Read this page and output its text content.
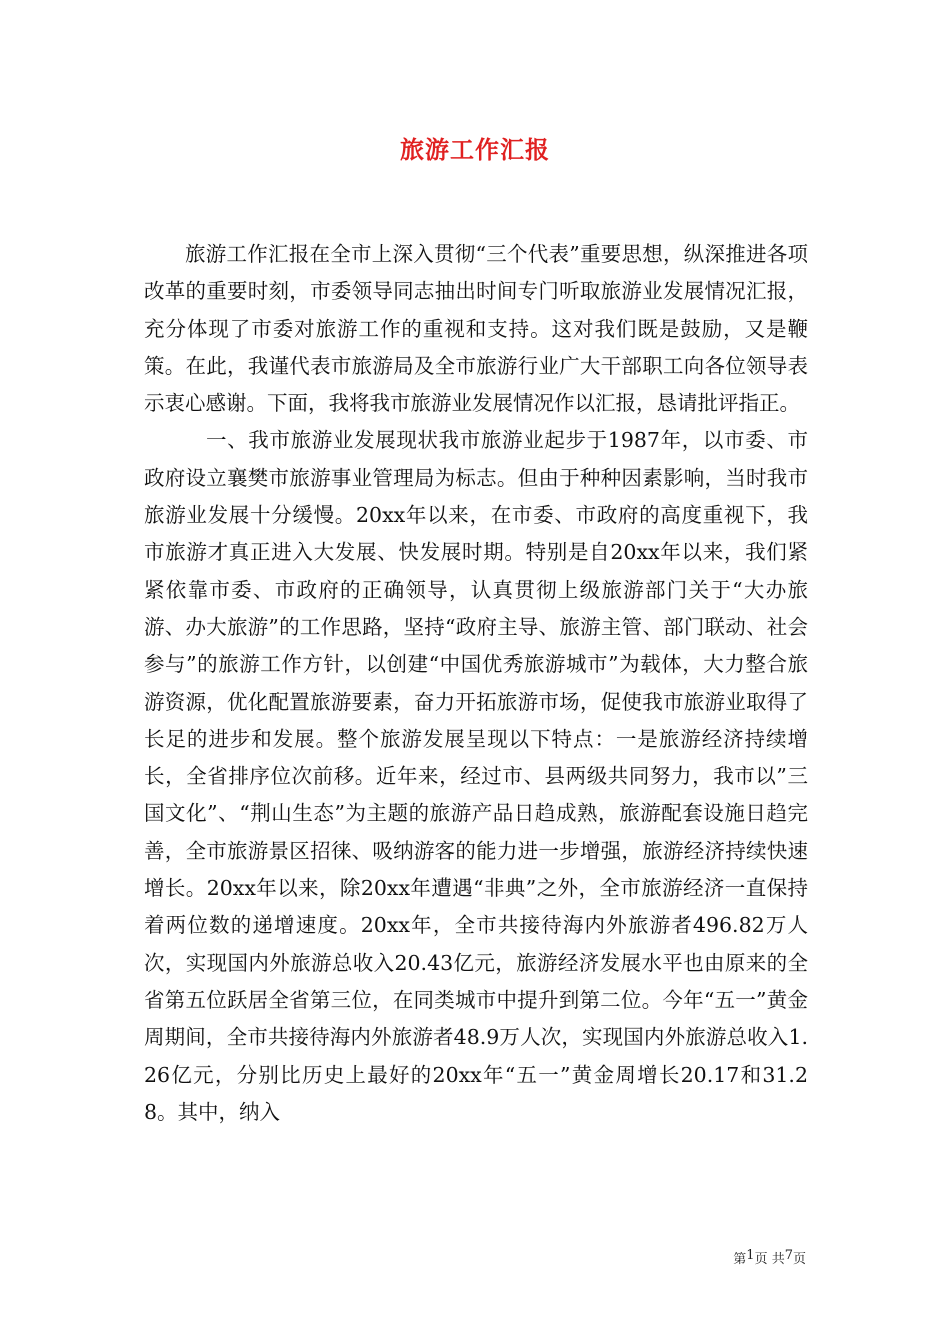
旅游工作汇报

旅游工作汇报在全市上深入贯彻“三个代表”重要思想，纵深推进各项改革的重要时刻，市委领导同志抽出时间专门听取旅游业发展情况汇报，充分体现了市委对旅游工作的重视和支持。这对我们既是鼓励，又是鞭策。在此，我谨代表市旅游局及全市旅游行业广大干部职工向各位领导表示衷心感谢。下面，我将我市旅游业发展情况作以汇报，恳请批评指正。

一、我市旅游业发展现状我市旅游业起步于1987年，以市委、市政府设立襄樊市旅游事业管理局为标志。但由于种种因素影响，当时我市旅游业发展十分缓慢。20xx年以来，在市委、市政府的高度重视下，我市旅游才真正进入大发展、快发展时期。特别是自20xx年以来，我们紧紧依靠市委、市政府的正确领导，认真贯彻上级旅游部门关于“大办旅游、办大旅游”的工作思路，坚持“政府主导、旅游主管、部门联动、社会参与”的旅游工作方针，以创建“中国优秀旅游城市”为载体，大力整合旅游资源，优化配置旅游要素，奋力开拓旅游市场，促使我市旅游业取得了长足的进步和发展。整个旅游发展呈现以下特点：一是旅游经济持续增长，全省排序位次前移。近年来，经过市、县两级共同努力，我市以”三国文化”、“荆山生态”为主题的旅游产品日趋成熟，旅游配套设施日趋完善，全市旅游景区招徕、吸纳游客的能力进一步增强，旅游经济持续快速增长。20xx年以来，除20xx年遭遇“非典”之外，全市旅游经济一直保持着两位数的递增速度。20xx年，全市共接待海内外旅游者496.82万人次，实现国内外旅游总收入20.43亿元，旅游经济发展水平也由原来的全省第五位跃居全省第三位，在同类城市中提升到第二位。今年“五一”黄金周期间，全市共接待海内外旅游者48.9万人次，实现国内外旅游总收入1.26亿元，分别比历史上最好的20xx年“五一”黄金周增长20.17和31.28。其中，纳入

第 1 页 共 7 页
